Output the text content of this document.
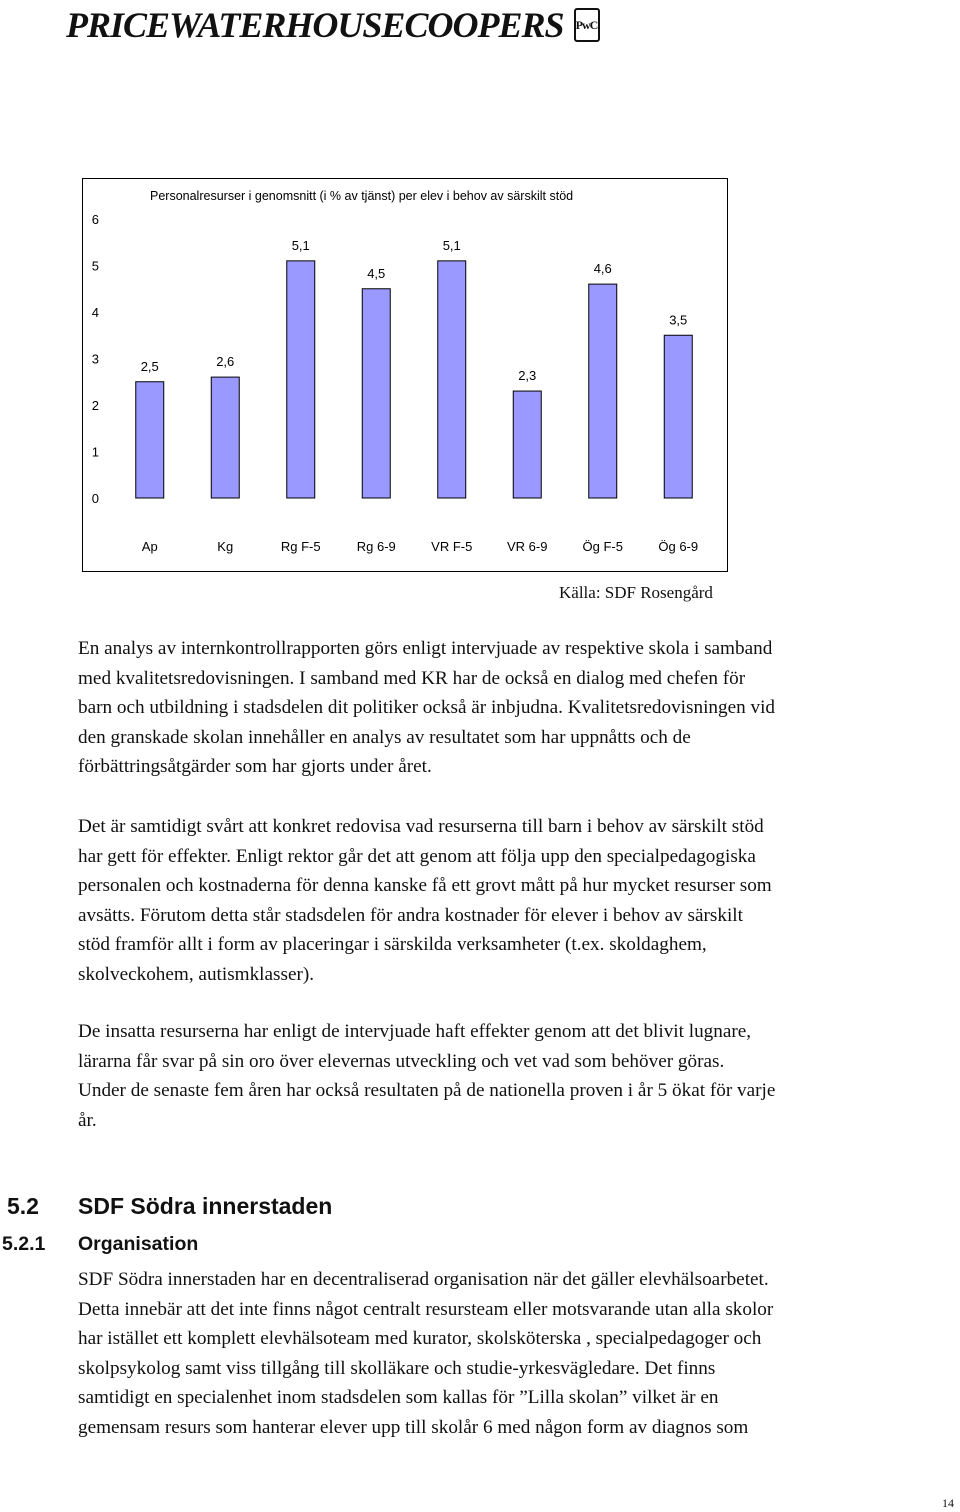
PRICEWATERHOUSECOOPERS PwC
0
1
2
3
4
5
6
2,5
Ap
2,6
Kg
5,1
Rg F-5
4,5
Rg 6-9
5,1
VR F-5
2,3
VR 6-9
4,6
Ög F-5
3,5
Ög 6-9
Personalresurser i genomsnitt (i % av tjänst) per elev i behov av särskilt stöd
Källa: SDF Rosengård
En analys av internkontrollrapporten görs enligt intervjuade av respektive skola i samband
med kvalitetsredovisningen. I samband med KR har de också en dialog med chefen för
barn och utbildning i stadsdelen dit politiker också är inbjudna. Kvalitetsredovisningen vid
den granskade skolan innehåller en analys av resultatet som har uppnåtts och de
förbättringsåtgärder som har gjorts under året.
Det är samtidigt svårt att konkret redovisa vad resurserna till barn i behov av särskilt stöd
har gett för effekter. Enligt rektor går det att genom att följa upp den specialpedagogiska
personalen och kostnaderna för denna kanske få ett grovt mått på hur mycket resurser som
avsätts. Förutom detta står stadsdelen för andra kostnader för elever i behov av särskilt
stöd framför allt i form av placeringar i särskilda verksamheter (t.ex. skoldaghem,
skolveckohem, autismklasser).
De insatta resurserna har enligt de intervjuade haft effekter genom att det blivit lugnare,
lärarna får svar på sin oro över elevernas utveckling och vet vad som behöver göras.
Under de senaste fem åren har också resultaten på de nationella proven i år 5 ökat för varje
år.
5.2 SDF Södra innerstaden
5.2.1 Organisation
SDF Södra innerstaden har en decentraliserad organisation när det gäller elevhälsoarbetet.
Detta innebär att det inte finns något centralt resursteam eller motsvarande utan alla skolor
har istället ett komplett elevhälsoteam med kurator, skolsköterska , specialpedagoger och
skolpsykolog samt viss tillgång till skolläkare och studie-yrkesvägledare. Det finns
samtidigt en specialenhet inom stadsdelen som kallas för ”Lilla skolan” vilket är en
gemensam resurs som hanterar elever upp till skolår 6 med någon form av diagnos som
14
